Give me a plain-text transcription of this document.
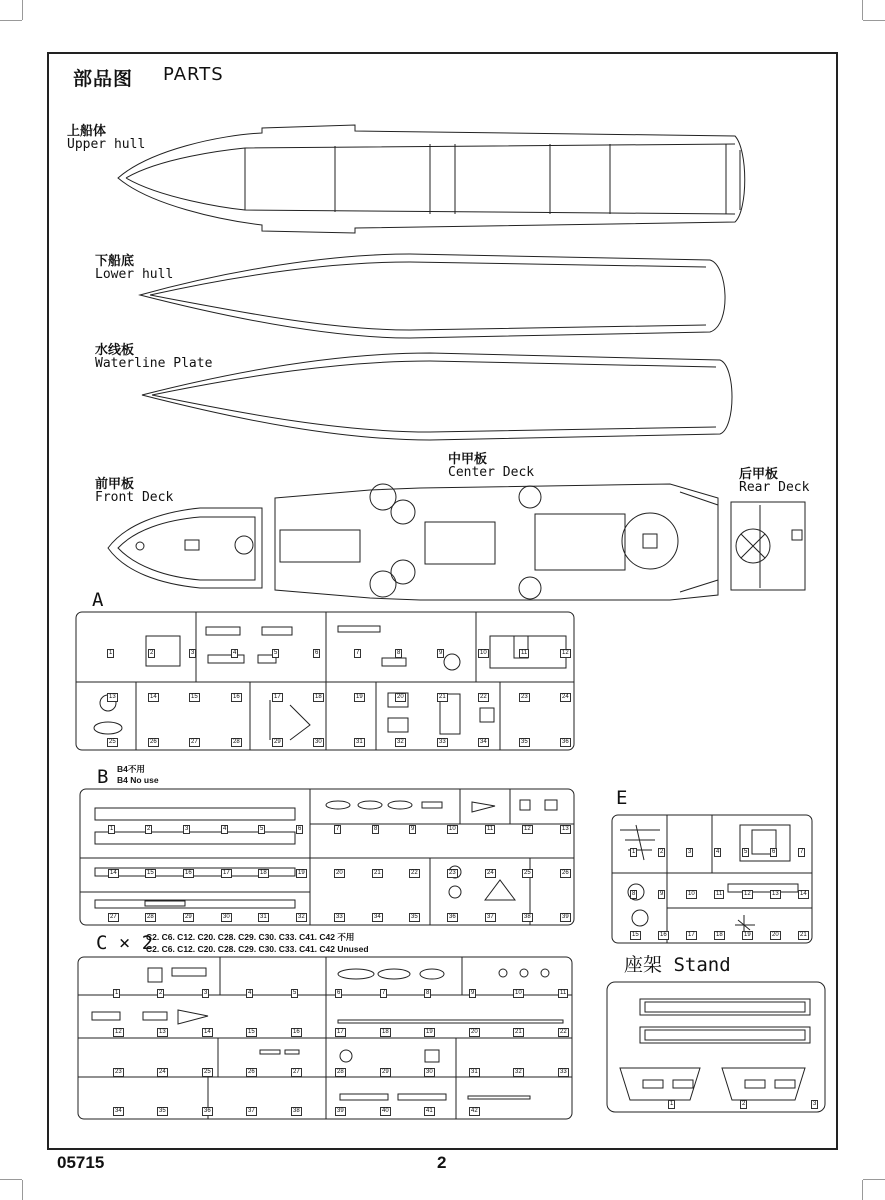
部品图 PARTS
上船体
Upper hull
下船底
Lower hull
水线板
Waterline Plate
前甲板
Front Deck
中甲板
Center Deck	后甲板
Rear Deck
A
B B4不用
B4 No use
C × 2
C2. C6. C12. C20. C28. C29. C30. C33. C41. C42 不用
C2. C6. C12. C20. C28. C29. C30. C33. C41. C42 Unused
E
座架 Stand
05715	2
1	2	3	4	5	6	7	8	9	10	11	12
13	14	15	16	17	18	19	20	21	22	23	24
25	26	27	28	29	30	31	32	33	34	35	36
1	2	3	4	5	6	7	8	9	10	11	12	13
14	15	16	17	18	19	20	21	22	23	24	25	26
27	28	29	30	31	32	33	34	35	36	37	38	39
1	2	3	4	5	6	7	8	9	10	11
12	13	14	15	16	17	18	19	20	21	22
23	24	25	26	27	28	29	30	31	32	33
34	35	36	37	38	39	40	41	42
1	2	3	4	5	6	7
8	9	10	11	12	13	14
15	16	17	18	19	20	21
1	2	3
